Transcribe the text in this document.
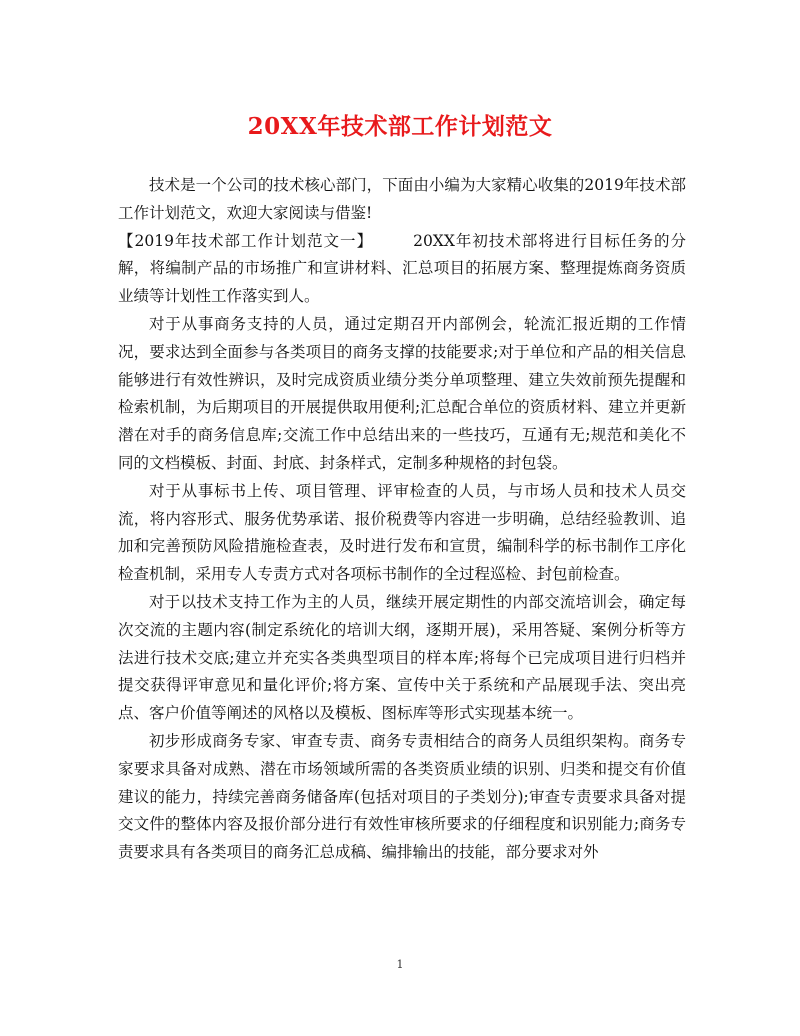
20XX年技术部工作计划范文

技术是一个公司的技术核心部门，下面由小编为大家精心收集的2019年技术部工作计划范文，欢迎大家阅读与借鉴!

【2019年技术部工作计划范文一】	20XX年初技术部将进行目标任务的分解，将编制产品的市场推广和宣讲材料、汇总项目的拓展方案、整理提炼商务资质业绩等计划性工作落实到人。

对于从事商务支持的人员，通过定期召开内部例会，轮流汇报近期的工作情况，要求达到全面参与各类项目的商务支撑的技能要求;对于单位和产品的相关信息能够进行有效性辨识，及时完成资质业绩分类分单项整理、建立失效前预先提醒和检索机制，为后期项目的开展提供取用便利;汇总配合单位的资质材料、建立并更新潜在对手的商务信息库;交流工作中总结出来的一些技巧，互通有无;规范和美化不同的文档模板、封面、封底、封条样式，定制多种规格的封包袋。

对于从事标书上传、项目管理、评审检查的人员，与市场人员和技术人员交流，将内容形式、服务优势承诺、报价税费等内容进一步明确，总结经验教训、追加和完善预防风险措施检查表，及时进行发布和宣贯，编制科学的标书制作工序化检查机制，采用专人专责方式对各项标书制作的全过程巡检、封包前检查。

对于以技术支持工作为主的人员，继续开展定期性的内部交流培训会，确定每次交流的主题内容(制定系统化的培训大纲，逐期开展)，采用答疑、案例分析等方法进行技术交底;建立并充实各类典型项目的样本库;将每个已完成项目进行归档并提交获得评审意见和量化评价;将方案、宣传中关于系统和产品展现手法、突出亮点、客户价值等阐述的风格以及模板、图标库等形式实现基本统一。

初步形成商务专家、审查专责、商务专责相结合的商务人员组织架构。商务专家要求具备对成熟、潜在市场领域所需的各类资质业绩的识别、归类和提交有价值建议的能力，持续完善商务储备库(包括对项目的子类划分);审查专责要求具备对提交文件的整体内容及报价部分进行有效性审核所要求的仔细程度和识别能力;商务专责要求具有各类项目的商务汇总成稿、编排输出的技能，部分要求对外

1
